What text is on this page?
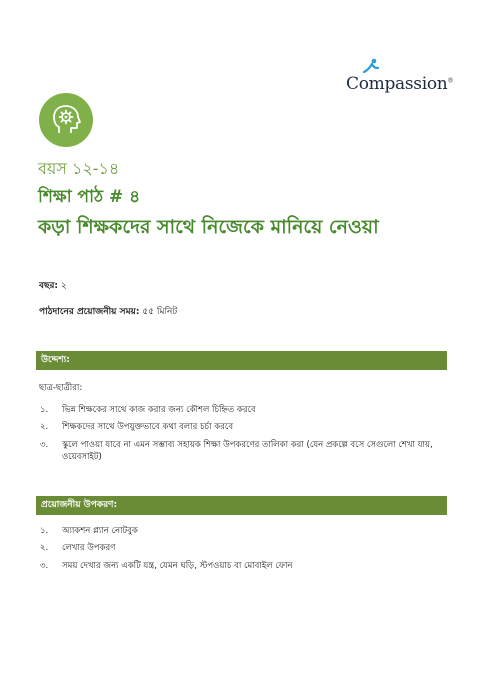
Compassion®
বয়স ১২-১৪
শিক্ষা পাঠ # ৪
কড়া শিক্ষকদের সাথে নিজেকে মানিয়ে নেওয়া
বছর: ২
পাঠদানের প্রয়োজনীয় সময়: ৫৫ মিনিট
উদ্দেশ্য:
ছাত্র-ছাত্রীরা:
১.	ভিন্ন শিক্ষকের সাথে কাজ করার জন্য কৌশল চিহ্নিত করবে
২.	শিক্ষকদের সাথে উপযুক্তভাবে কথা বলার চর্চা করবে
৩.	স্কুলে পাওয়া যাবে না এমন সম্ভাব্য সহায়ক শিক্ষা উপকরণের তালিকা করা (যেন প্রকল্পে বসে সেগুলো শেখা যায়, ওয়েবসাইট)
প্রয়োজনীয় উপকরণ:
১.	অ্যাকশন প্ল্যান নোটবুক
২.	লেখার উপকরণ
৩.	সময় দেখার জন্য একটি যন্ত্র, যেমন ঘড়ি, স্টপওয়াচ বা মোবাইল ফোন
